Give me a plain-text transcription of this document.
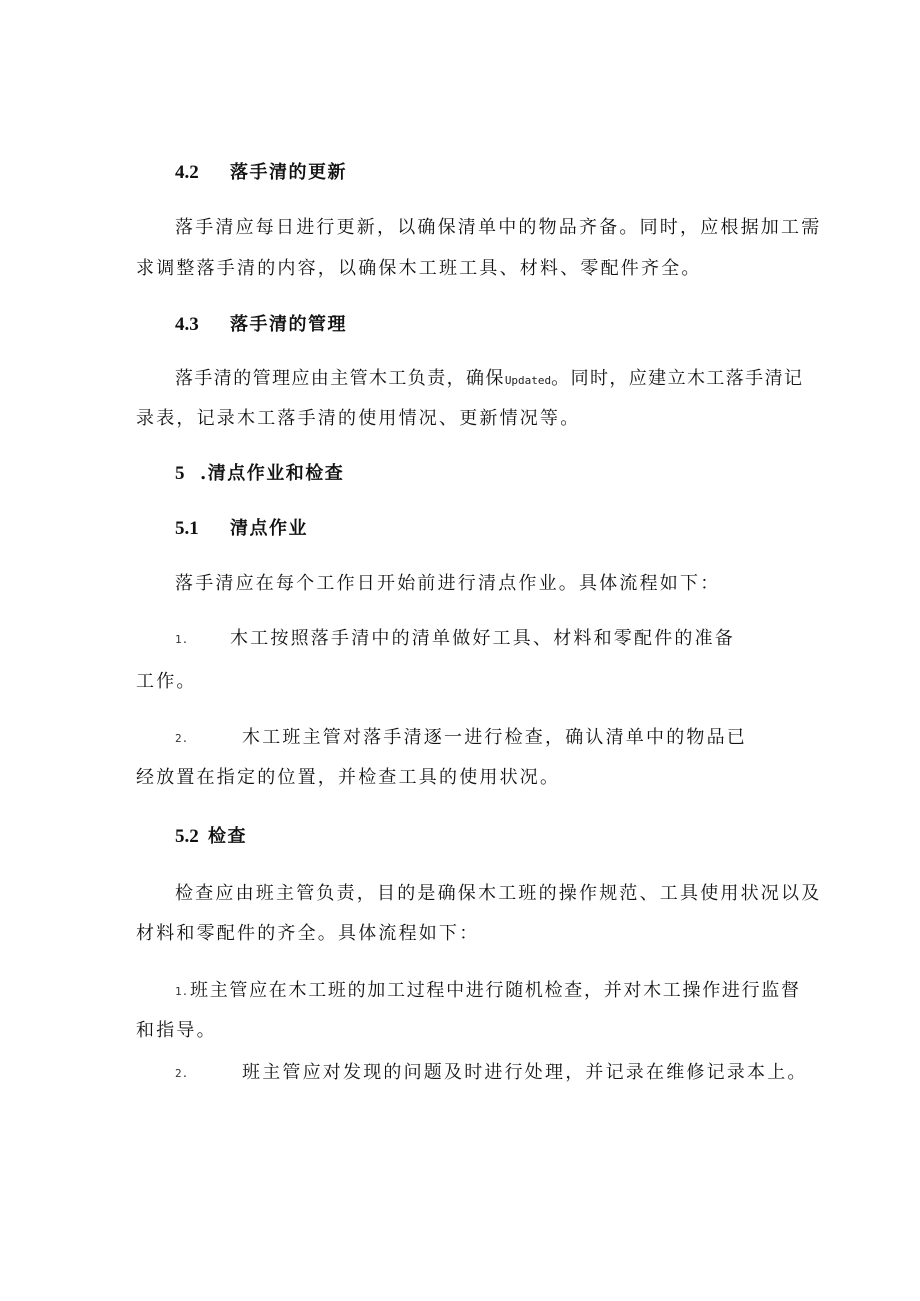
4.2 落手清的更新
落手清应每日进行更新，以确保清单中的物品齐备。同时，应根据加工需
求调整落手清的内容，以确保木工班工具、材料、零配件齐全。
4.3 落手清的管理
落手清的管理应由主管木工负责，确保Updated。同时，应建立木工落手清记
录表，记录木工落手清的使用情况、更新情况等。
5 .清点作业和检查
5.1 清点作业
落手清应在每个工作日开始前进行清点作业。具体流程如下：
1. 木工按照落手清中的清单做好工具、材料和零配件的准备
工作。
2.	木工班主管对落手清逐一进行检查，确认清单中的物品已
经放置在指定的位置，并检查工具的使用状况。
5.2 检查
检查应由班主管负责，目的是确保木工班的操作规范、工具使用状况以及
材料和零配件的齐全。具体流程如下：
1. 班主管应在木工班的加工过程中进行随机检查，并对木工操作进行监督
和指导。
2.	班主管应对发现的问题及时进行处理，并记录在维修记录本上。
